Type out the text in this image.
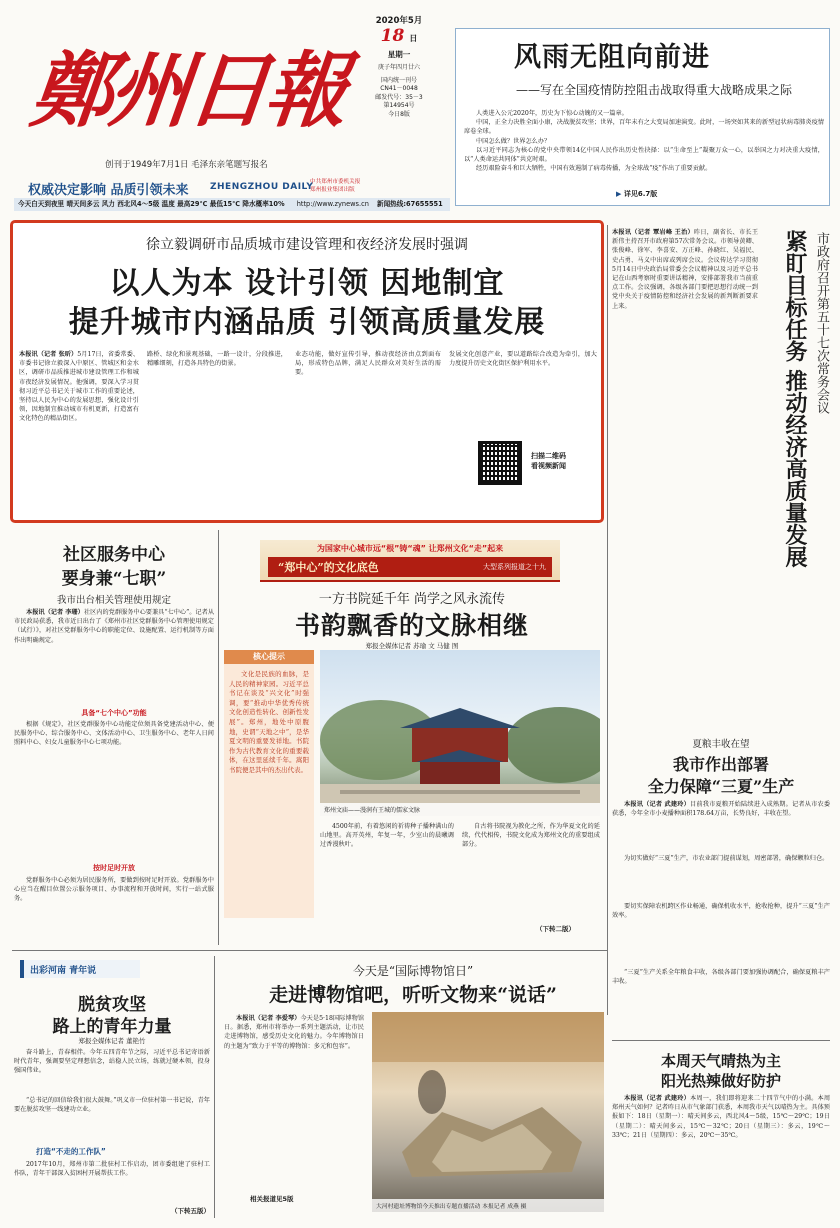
鄭州日報
创刊于1949年7月1日 毛泽东亲笔题写报名
权威决定影响 品质引领未来 ZHENGZHOU DAILY
中共郑州市委机关报
郑州报业集团出版
2020年5月
18 日
星期一
庚子年四月廿六
国内统一刊号
CN41－0048
邮发代号：35－3
第14954号
今日8版
今天白天到夜里 晴天间多云 风力 西北风4～5级 温度 最高29℃ 最低15℃ 降水概率10% http://www.zynews.cn 新闻热线:67655551
风雨无阻向前进
——写在全国疫情防控阻击战取得重大战略成果之际
人类进入公元2020年，历史为下惊心动魄的又一篇章。
中国，正全力决胜全面小康，决战脱贫攻坚；世界，百年未有之大变局加速演变。此时，一场突如其来的新型冠状病毒肺炎疫情席卷全球。
中国怎么做？世界怎么办？
以习近平同志为核心的党中央带领14亿中国人民作出历史性抉择：以“生命至上”凝聚万众一心，以举国之力对决重大疫情，以“人类命运共同体”共克时艰。
经历艰险奋斗和巨大牺牲，中国有效遏制了病毒传播，为全球战“疫”作出了重要贡献。
▶ 详见6.7版
徐立毅调研市品质城市建设管理和夜经济发展时强调
以人为本 设计引领 因地制宜
提升城市内涵品质 引领高质量发展
本报讯（记者 张昕）5月17日，省委常委、市委书记徐立毅深入中原区、管城区和金水区，调研市品质推进城市建设管理工作和城市夜经济发展情况。他强调，要深入学习贯彻习近平总书记关于城市工作的重要论述，坚持以人民为中心的发展思想，强化设计引领，因地制宜推动城市有机更新，打造富有文化特色的精品街区。
路桥、绿化和景观基础，一路一设计，分段推进，精雕细刻，打造各具特色的街景。
业态功能，做好宣传引导，推动夜经济由点到面布局，形成特色品牌，满足人民群众对美好生活的需要。
发展文化创意产业，要以道路综合改造为牵引，加大力度提升历史文化街区保护利用水平。
扫描二维码
看视频新闻
本报讯（记者 覃岩峰 王治）昨日，副省长、市长王新伟主持召开市政府第57次常务会议。市领导黄卿、张俊峰、徐军、李喜安、万正峰、孙晓红、吴福民、史占勇、马义中出席或列席会议。会议传达学习贯彻5月14日中央政治局常委会会议精神以及习近平总书记在山西考察时重要讲话精神，安排部署我市当前重点工作。会议强调，各级各部门要把思想行动统一到党中央关于疫情防控和经济社会发展的新判断新要求上来。	市政府召开第五十七次常务会议
紧盯目标任务 推动经济高质量发展
社区服务中心
要身兼“七职”
我市出台相关管理使用规定
本报讯（记者 李珊）社区内的党群服务中心要兼具“七中心”。记者从市民政局获悉，我市近日出台了《郑州市社区党群服务中心管理使用规定（试行）》，对社区党群服务中心的职能定位、设施配置、运行机制等方面作出明确规定。
具备“七个中心”功能
根据《规定》，社区党群服务中心功能定位须具备党建活动中心、便民服务中心、综合服务中心、文体活动中心、卫生服务中心、老年人日间照料中心、妇女儿童服务中心七项功能。
按时足时开放
党群服务中心必须为居民服务所，要做到按时足时开放。党群服务中心应当在醒目位置公示服务项目、办事流程和开放时间，实行一站式服务。
为国家中心城市远“根”铸“魂” 让郑州文化“走”起来
“郑中心”的文化底色	大型系列报道之十九
一方书院延千年 尚学之风永流传
书韵飘香的文脉相继
郑报全媒体记者 苏瑜 文 马健 图
核心提示
文化是民族的血脉，是人民的精神家园。习近平总书记在谈及“兴文化”时强调，要“推动中华优秀传统文化创造性转化、创新性发展”。郑州，地处中原腹地，史谓“天地之中”，是华夏文明的重要发祥地。书院作为古代教育文化的重要载体，在这里延续千年。嵩阳书院便是其中的杰出代表。
郑州文庙——漫润有王城的儒家文脉
4500年前，有着悠闲的祈祷种子播种满山的山地里。高开英州，年复一年，少室山的晨曦调过香漫秋叶。
自古将书院视为教化之所，作为华夏文化的延续，代代相传，书院文化成为郑州文化的重要组成部分。
（下转二版）
出彩河南 青年说
脱贫攻坚
路上的青年力量
郑报全媒体记者 董艳竹
奋斗路上，青春相伴。今年五四青年节之际，习近平总书记寄语新时代青年，强调要坚定理想信念，站稳人民立场，练就过硬本领，投身强国伟业。
“总书记的回信给我们很大鼓舞。”巩义市一位驻村第一书记说，青年要在脱贫攻坚一线建功立业。
打造“不走的工作队”
2017年10月，郑州市第二批驻村工作启动，团市委组建了驻村工作队，青年干部深入贫困村开展帮扶工作。
（下转五版）
今天是“国际博物馆日”
走进博物馆吧，听听文物来“说话”
本报讯（记者 李爱琴）今天是5·18国际博物馆日。据悉，郑州市将举办一系列主题活动，让市民走进博物馆，感受历史文化的魅力。今年博物馆日的主题为“致力于平等的博物馆：多元和包容”。
相关报道见5版
大河村遗址博物馆今天推出专题直播活动 本报记者 成燕 摄
夏粮丰收在望
我市作出部署
全力保障“三夏”生产
本报讯（记者 武建玲）目前我市夏粮开始陆续进入成熟期。记者从市农委获悉，今年全市小麦播种面积178.64万亩，长势良好，丰收在望。
为切实做好“三夏”生产，市农业部门提前谋划，周密部署，确保颗粒归仓。
要切实保障农机跨区作业畅通，确保机收水平，抢收抢种，提升“三夏”生产效率。
“三夏”生产关系全年粮食丰收，各级各部门要加强协调配合，确保夏粮丰产丰收。
本周天气晴热为主
阳光热辣做好防护
本报讯（记者 武建玲）本周一，我们即将迎来二十四节气中的小满。本周郑州天气如何？记者昨日从市气象部门获悉，本周我市天气以晴热为主。具体预报如下：18日（星期一）：晴天间多云，西北风4～5级，15℃～29℃；19日（星期二）：晴天间多云，15℃～32℃；20日（星期三）：多云，19℃～33℃；21日（星期四）：多云，20℃～35℃。
